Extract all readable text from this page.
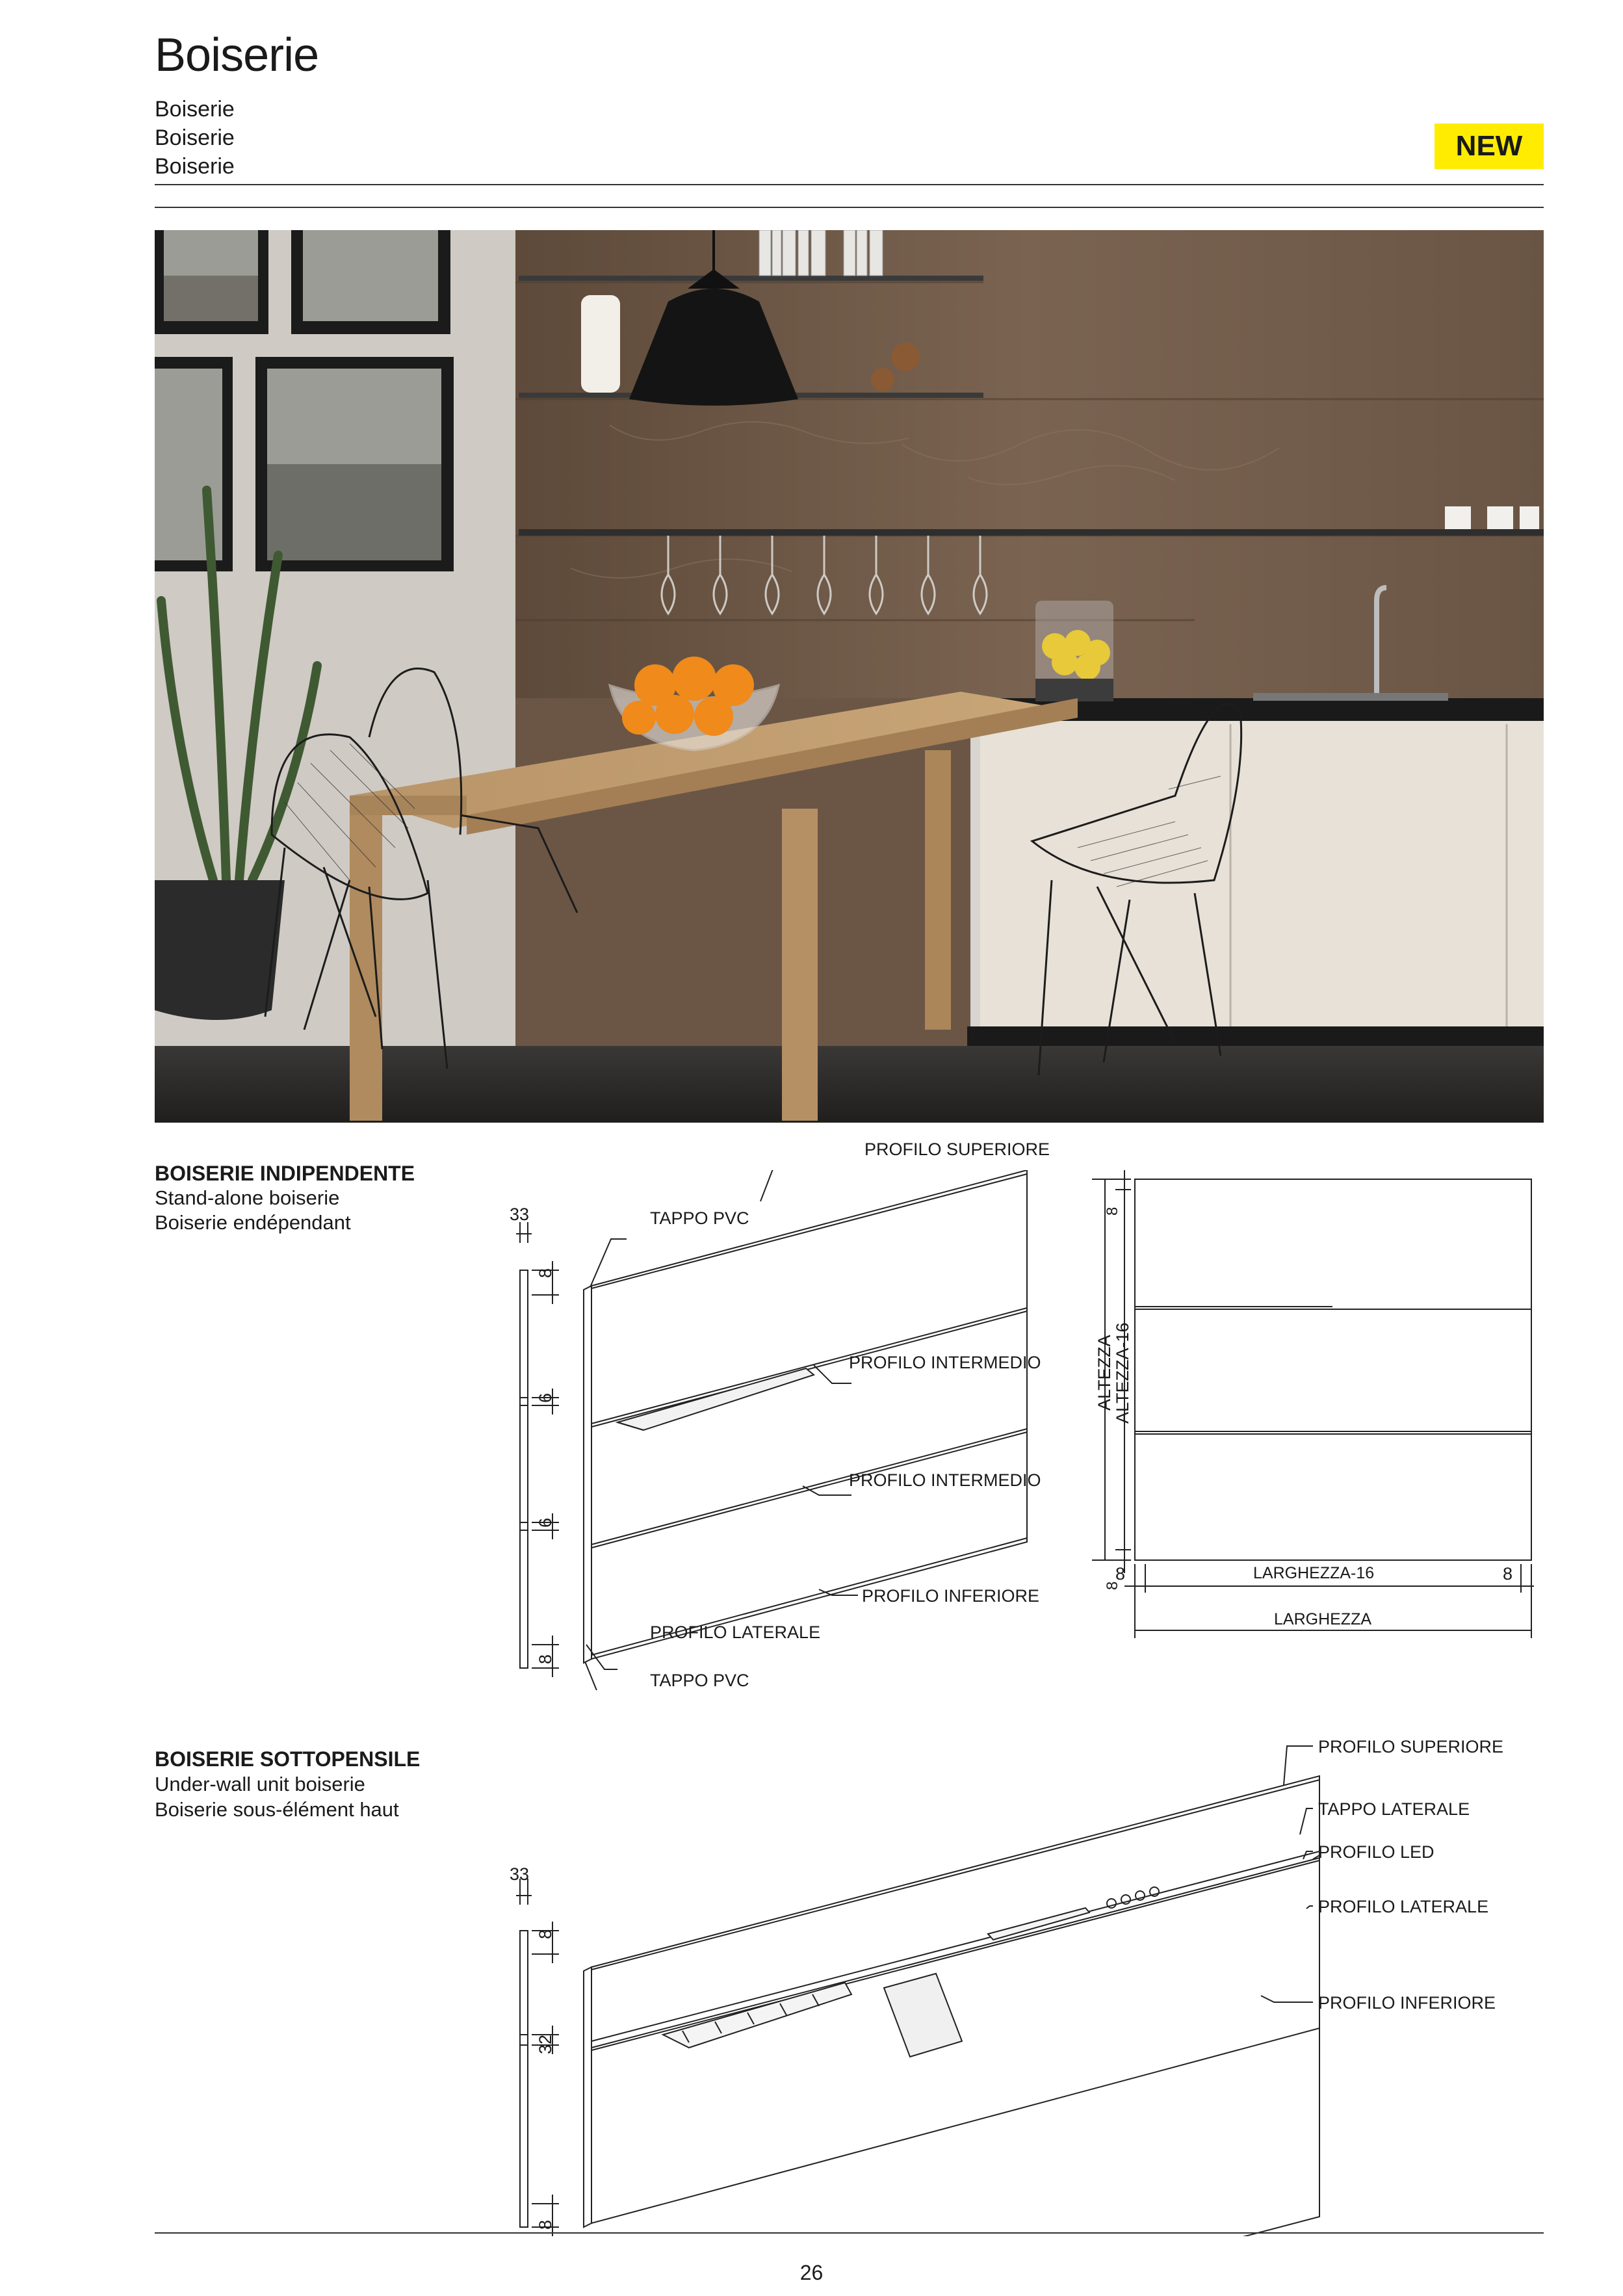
Boiserie
Boiserie
Boiserie
Boiserie
NEW
BOISERIE INDIPENDENTE
Stand-alone boiserie
Boiserie endépendant	33
8
6
6
8
PROFILO SUPERIORE
TAPPO PVC
PROFILO INTERMEDIO
PROFILO INTERMEDIO
PROFILO INFERIORE
PROFILO LATERALE
TAPPO PVC
ALTEZZA
ALTEZZA-16
8
8
8	LARGHEZZA-16	8
LARGHEZZA
BOISERIE SOTTOPENSILE
Under-wall unit boiserie
Boiserie sous-élément haut
33
8
32
8
PROFILO SUPERIORE
TAPPO LATERALE
PROFILO LED
PROFILO LATERALE
PROFILO INFERIORE
26
